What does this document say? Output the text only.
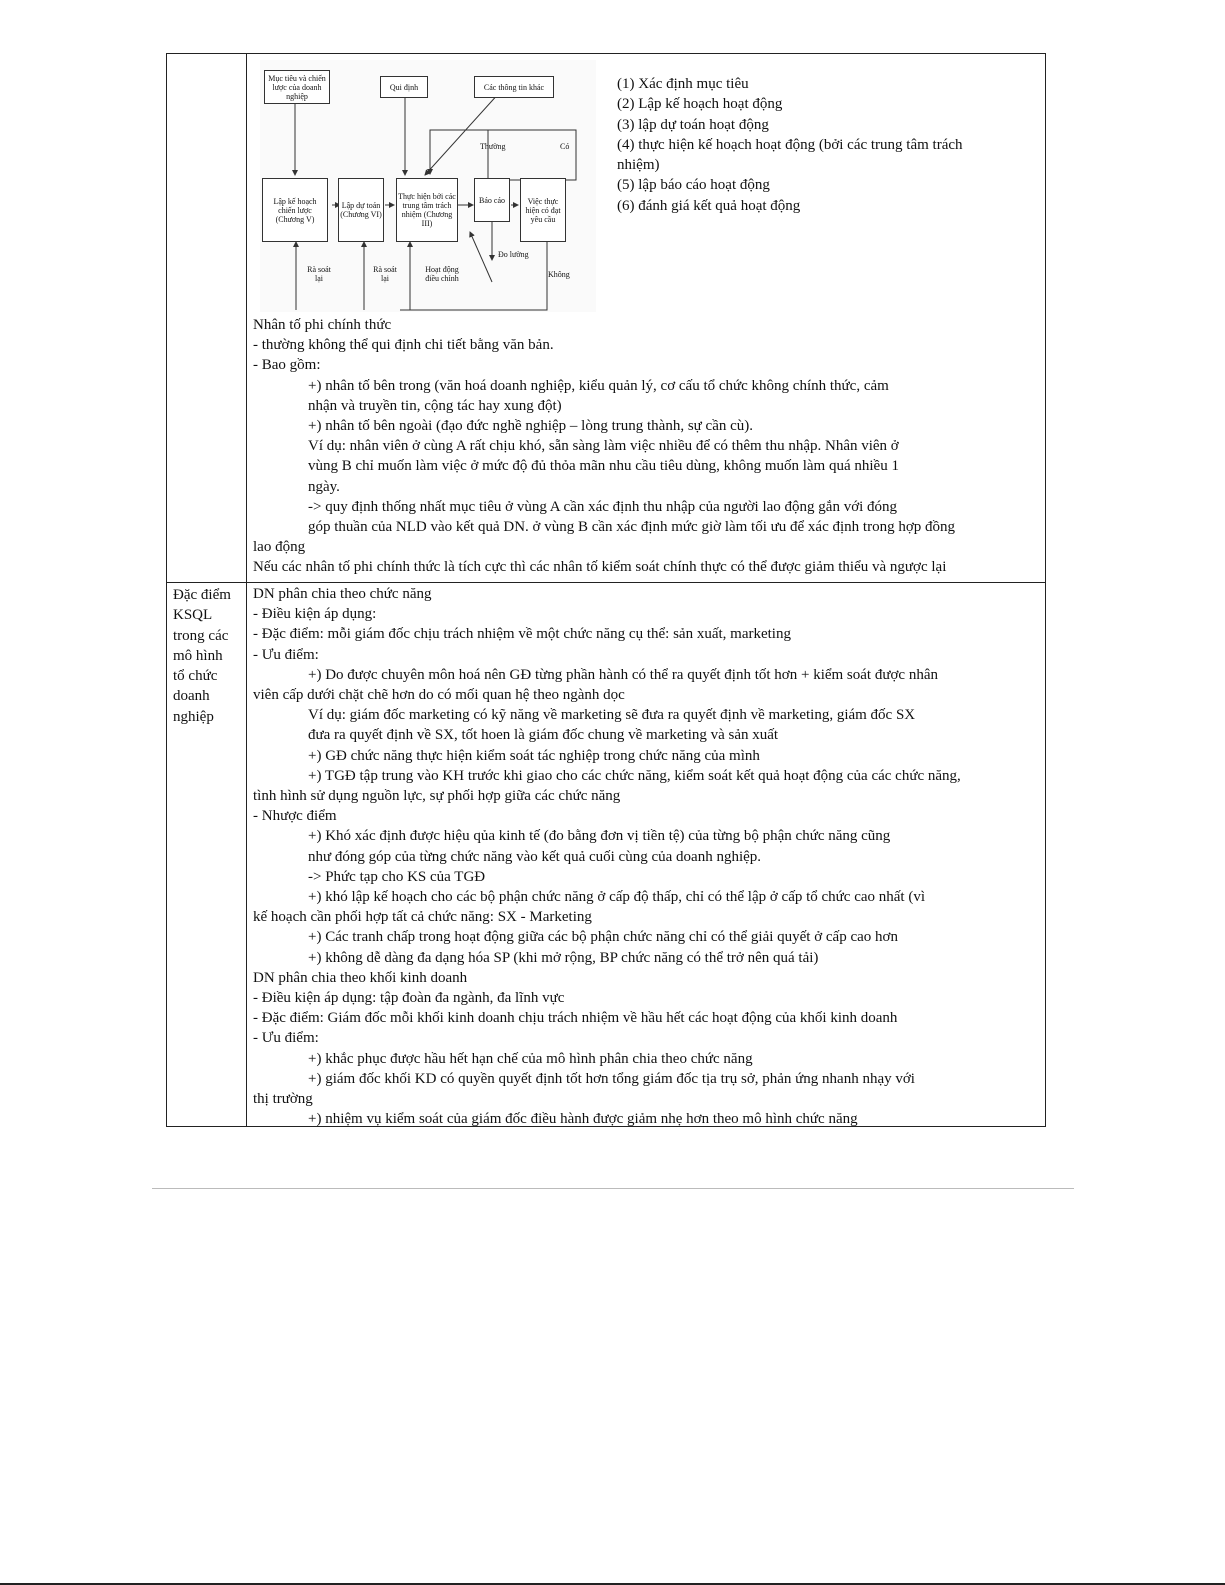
Mục tiêu và chiến lược của doanh nghiệp
Qui định	Các thông tin khác
Lập kế hoạch chiến lược (Chương V)
Lập dự toán (Chương VI)
Thực hiện bởi các trung tâm trách nhiệm (Chương III)
Báo cáo	Việc thực hiện có đạt yêu cầu
Thường	Có
Không
Đo lường
Rà soát lại
Rà soát lại
Hoạt động điều chỉnh
(1) Xác định mục tiêu
(2) Lập kế hoạch hoạt động
(3) lập dự toán hoạt động
(4) thực hiện kế hoạch hoạt động (bởi các trung tâm trách
nhiệm)
(5) lập báo cáo hoạt động
(6) đánh giá kết quả hoạt động
Nhân tố phi chính thức
- thường không thể qui định chi tiết bằng văn bản.
- Bao gồm:
+) nhân tố bên trong (văn hoá doanh nghiệp, kiểu quản lý, cơ cấu tổ chức không chính thức, cảm
nhận và truyền tin, cộng tác hay xung đột)
+) nhân tố bên ngoài (đạo đức nghề nghiệp – lòng trung thành, sự cần cù).
Ví dụ: nhân viên ở cùng A rất chịu khó, sẵn sàng làm việc nhiều để có thêm thu nhập. Nhân viên ở
vùng B chỉ muốn làm việc ở mức độ đủ thỏa mãn nhu cầu tiêu dùng, không muốn làm quá nhiều 1
ngày.
-> quy định thống nhất mục tiêu ở vùng A cần xác định thu nhập của người lao động gắn với đóng
góp thuần của NLD vào kết quả DN. ở vùng B cần xác định mức giờ làm tối ưu để xác định trong hợp đồng
lao động
Nếu các nhân tố phi chính thức là tích cực thì các nhân tố kiểm soát chính thực có thể được giảm thiểu và ngược lại
Đặc điểm
KSQL
trong các
mô hình
tổ chức
doanh
nghiệp
DN phân chia theo chức năng
- Điều kiện áp dụng:
- Đặc điểm: mỗi giám đốc chịu trách nhiệm về một chức năng cụ thể: sản xuất, marketing
- Ưu điểm:
+) Do được chuyên môn hoá nên GĐ từng phần hành có thể ra quyết định tốt hơn + kiểm soát được nhân
viên cấp dưới chặt chẽ hơn do có mối quan hệ theo ngành dọc
Ví dụ: giám đốc marketing có kỹ năng về marketing sẽ đưa ra quyết định về marketing, giám đốc SX
đưa ra quyết định về SX, tốt hoen là giám đốc chung về marketing và sản xuất
+) GĐ chức năng thực hiện kiểm soát tác nghiệp trong chức năng của mình
+) TGĐ tập trung vào KH trước khi giao cho các chức năng, kiểm soát kết quả hoạt động của các chức năng,
tình hình sử dụng nguồn lực, sự phối hợp giữa các chức năng
- Nhược điểm
+) Khó xác định được hiệu qủa kinh tế (đo bằng đơn vị tiền tệ) của từng bộ phận chức năng cũng
như đóng góp của từng chức năng vào kết quả cuối cùng của doanh nghiệp.
-> Phức tạp cho KS của TGĐ
+) khó lập kế hoạch cho các bộ phận chức năng ở cấp độ thấp, chỉ có thể lập ở cấp tổ chức cao nhất (vì
kế hoạch cần phối hợp tất cả chức năng: SX - Marketing
+) Các tranh chấp trong hoạt động giữa các bộ phận chức năng chỉ có thể giải quyết ở cấp cao hơn
+) không dễ dàng đa dạng hóa SP (khi mở rộng, BP chức năng có thể trở nên quá tải)
DN phân chia theo khối kinh doanh
- Điều kiện áp dụng: tập đoàn đa ngành, đa lĩnh vực
- Đặc điểm: Giám đốc mỗi khối kinh doanh chịu trách nhiệm về hầu hết các hoạt động của khối kinh doanh
- Ưu điểm:
+) khắc phục được hầu hết hạn chế của mô hình phân chia theo chức năng
+) giám đốc khối KD có quyền quyết định tốt hơn tổng giám đốc tịa trụ sở, phản ứng nhanh nhạy với
thị trường
+) nhiệm vụ kiểm soát của giám đốc điều hành được giảm nhẹ hơn theo mô hình chức năng
